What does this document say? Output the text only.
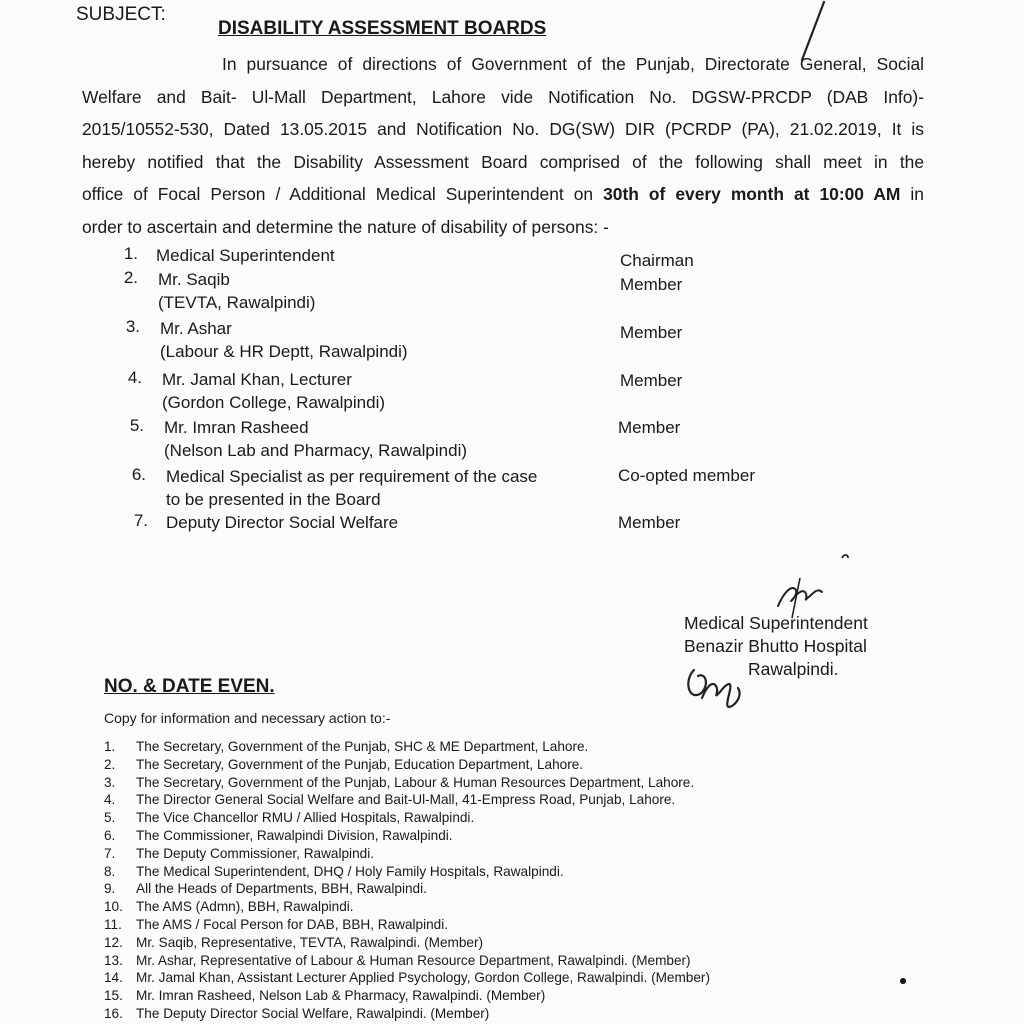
SUBJECT:
DISABILITY ASSESSMENT BOARDS
In pursuance of directions of Government of the Punjab, Directorate General, Social
Welfare and Bait- Ul-Mall Department, Lahore vide Notification No. DGSW-PRCDP (DAB Info)-
2015/10552-530, Dated 13.05.2015 and Notification No. DG(SW) DIR (PCRDP (PA), 21.02.2019, It is
hereby notified that the Disability Assessment Board comprised of the following shall meet in the
office of Focal Person / Additional Medical Superintendent on 30th of every month at 10:00 AM in
order to ascertain and determine the nature of disability of persons: -
1. Medical Superintendent	Chairman
2. Mr. Saqib
(TEVTA, Rawalpindi)
Member
3. Mr. Ashar
(Labour & HR Deptt, Rawalpindi)
Member
4. Mr. Jamal Khan, Lecturer
(Gordon College, Rawalpindi)
Member
5. Mr. Imran Rasheed
(Nelson Lab and Pharmacy, Rawalpindi)
Member
6. Medical Specialist as per requirement of the case
to be presented in the Board
Co-opted member
7. Deputy Director Social Welfare	Member
Medical Superintendent
Benazir Bhutto Hospital
Rawalpindi.
NO. & DATE EVEN.
Copy for information and necessary action to:-
1.	The Secretary, Government of the Punjab, SHC & ME Department, Lahore.
2.	The Secretary, Government of the Punjab, Education Department, Lahore.
3.	The Secretary, Government of the Punjab, Labour & Human Resources Department, Lahore.
4.	The Director General Social Welfare and Bait-Ul-Mall, 41-Empress Road, Punjab, Lahore.
5.	The Vice Chancellor RMU / Allied Hospitals, Rawalpindi.
6.	The Commissioner, Rawalpindi Division, Rawalpindi.
7.	The Deputy Commissioner, Rawalpindi.
8.	The Medical Superintendent, DHQ / Holy Family Hospitals, Rawalpindi.
9.	All the Heads of Departments, BBH, Rawalpindi.
10. The AMS (Admn), BBH, Rawalpindi.
11.	The AMS / Focal Person for DAB, BBH, Rawalpindi.
12. Mr. Saqib, Representative, TEVTA, Rawalpindi. (Member)
13. Mr. Ashar, Representative of Labour & Human Resource Department, Rawalpindi. (Member)
14. Mr. Jamal Khan, Assistant Lecturer Applied Psychology, Gordon College, Rawalpindi. (Member)
15. Mr. Imran Rasheed, Nelson Lab & Pharmacy, Rawalpindi. (Member)
16. The Deputy Director Social Welfare, Rawalpindi. (Member)
